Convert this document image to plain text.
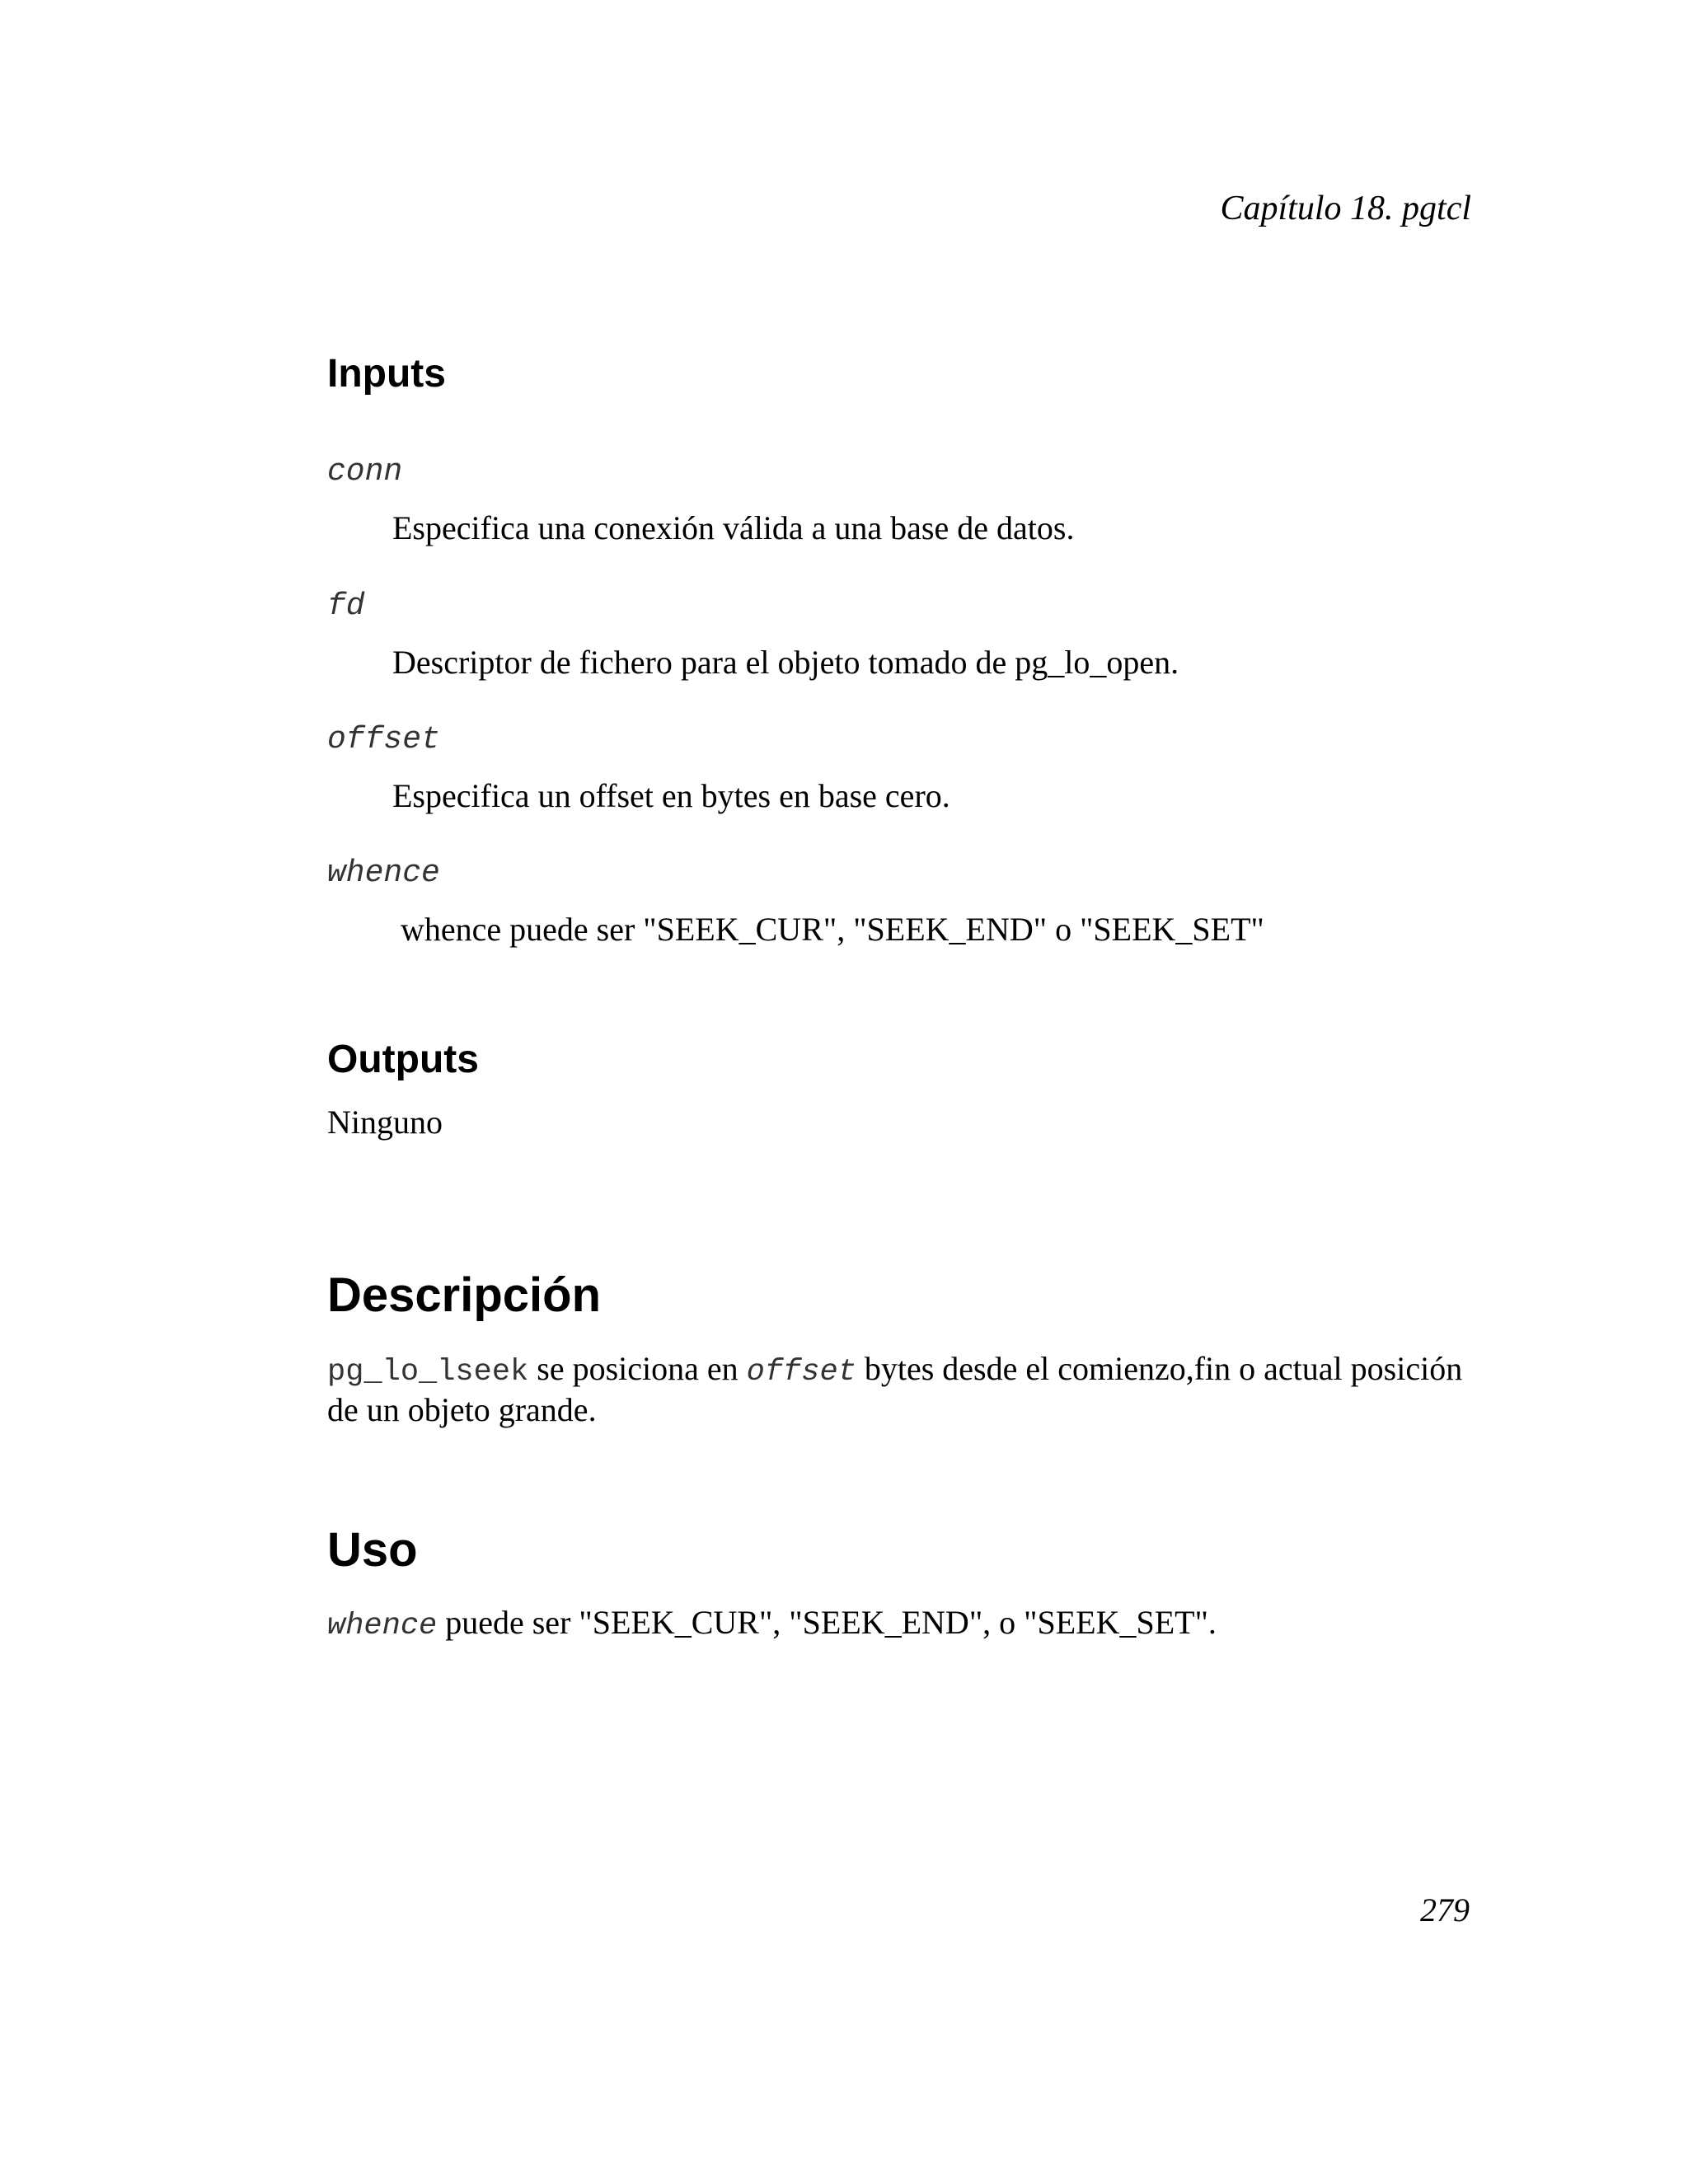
Capítulo 18. pgtcl
Inputs
conn
Especifica una conexión válida a una base de datos.
fd
Descriptor de fichero para el objeto tomado de pg_lo_open.
offset
Especifica un offset en bytes en base cero.
whence
whence puede ser "SEEK_CUR", "SEEK_END" o "SEEK_SET"
Outputs
Ninguno
Descripción
pg_lo_lseek se posiciona en offset bytes desde el comienzo,fin o actual posición
de un objeto grande.
Uso
whence puede ser "SEEK_CUR", "SEEK_END", o "SEEK_SET".
279
